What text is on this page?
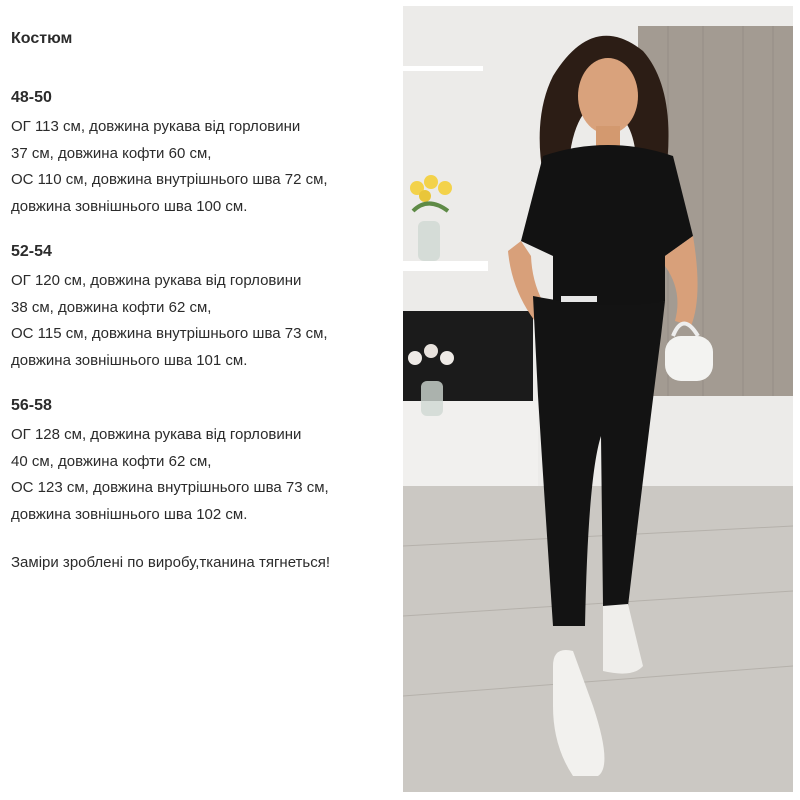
Костюм
48-50
ОГ 113 см, довжина рукава від горловини
37 см, довжина кофти 60 см,
ОС 110 см, довжина внутрішнього шва 72 см,
довжина зовнішнього шва 100 см.
52-54
ОГ 120 см, довжина рукава від горловини
38 см, довжина кофти 62 см,
ОС 115 см, довжина внутрішнього шва 73 см,
довжина зовнішнього шва 101 см.
56-58
ОГ 128 см, довжина рукава від горловини
40 см, довжина кофти 62 см,
ОС 123 см, довжина внутрішнього шва 73 см,
довжина зовнішнього шва 102 см.
Заміри зроблені по виробу,тканина тягнеться!
